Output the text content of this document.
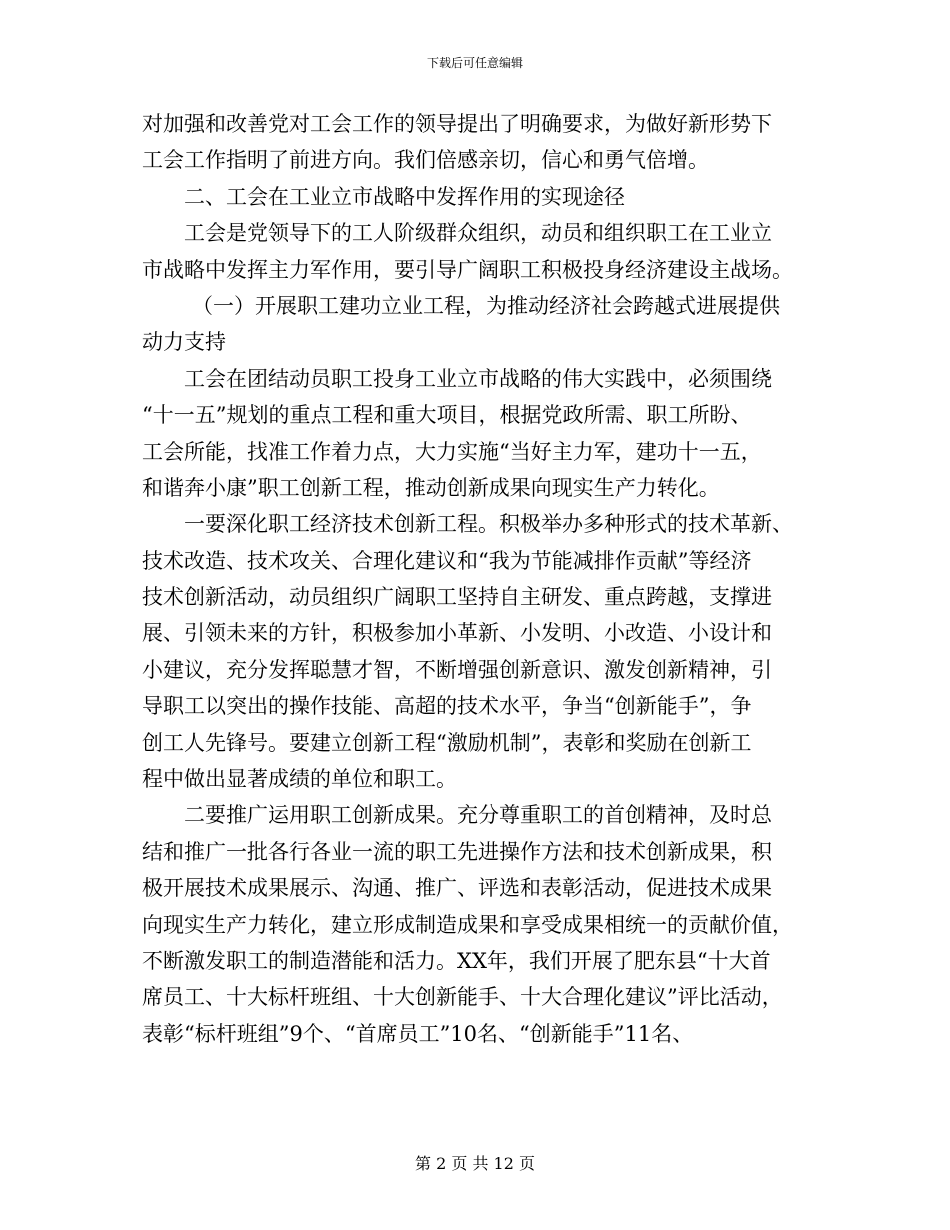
下载后可任意编辑
对加强和改善党对工会工作的领导提出了明确要求，为做好新形势下
工会工作指明了前进方向。我们倍感亲切，信心和勇气倍增。
二、工会在工业立市战略中发挥作用的实现途径
工会是党领导下的工人阶级群众组织，动员和组织职工在工业立
市战略中发挥主力军作用，要引导广阔职工积极投身经济建设主战场。
（一）开展职工建功立业工程，为推动经济社会跨越式进展提供
动力支持
工会在团结动员职工投身工业立市战略的伟大实践中，必须围绕
“十一五”规划的重点工程和重大项目，根据党政所需、职工所盼、
工会所能，找准工作着力点，大力实施“当好主力军，建功十一五，
和谐奔小康”职工创新工程，推动创新成果向现实生产力转化。
一要深化职工经济技术创新工程。积极举办多种形式的技术革新、
技术改造、技术攻关、合理化建议和“我为节能减排作贡献”等经济
技术创新活动，动员组织广阔职工坚持自主研发、重点跨越，支撑进
展、引领未来的方针，积极参加小革新、小发明、小改造、小设计和
小建议，充分发挥聪慧才智，不断增强创新意识、激发创新精神，引
导职工以突出的操作技能、高超的技术水平，争当“创新能手”，争
创工人先锋号。要建立创新工程“激励机制”，表彰和奖励在创新工
程中做出显著成绩的单位和职工。
二要推广运用职工创新成果。充分尊重职工的首创精神，及时总
结和推广一批各行各业一流的职工先进操作方法和技术创新成果，积
极开展技术成果展示、沟通、推广、评选和表彰活动，促进技术成果
向现实生产力转化，建立形成制造成果和享受成果相统一的贡献价值，
不断激发职工的制造潜能和活力。XX年，我们开展了肥东县“十大首
席员工、十大标杆班组、十大创新能手、十大合理化建议”评比活动，
表彰“标杆班组”9个、“首席员工”10名、“创新能手”11名、
第 2 页 共 12 页
